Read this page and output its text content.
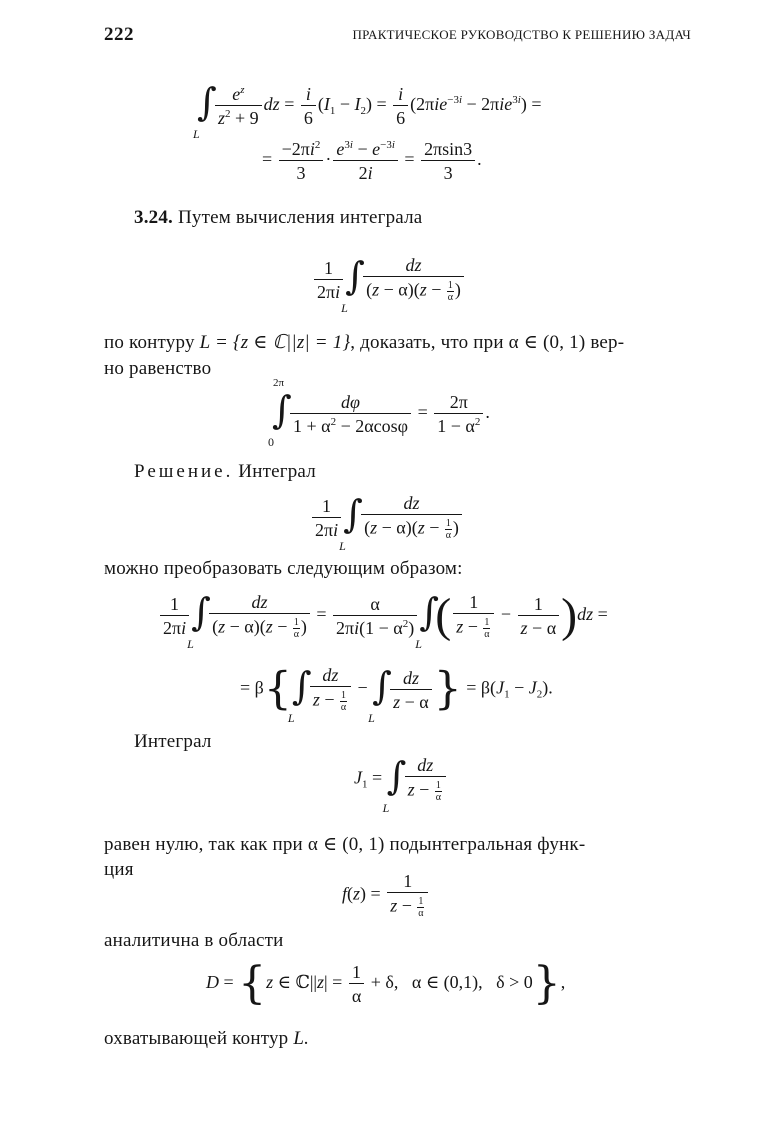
222	ПРАКТИЧЕСКОЕ РУКОВОДСТВО К РЕШЕНИЮ ЗАДАЧ
∫
L
$\frac{e^z}{z^2 + 9}$ dz = $\frac{i}{6} (I_1 - I_2) = \frac{i}{6} (2\pi ie^{-3i} - 2\pi ie^{3i})$ =
= $\frac{-2\pi i^2}{3} \cdot \frac{e^{3i} - e^{-3i}}{2i} = \frac{2\pi\sin 3}{3}$ .
3.24. Путем вычисления интеграла
$\frac{1}{2\pi i}$ ∫
L
$\frac{dz}{(z - \alpha)(z - \frac{1}{\alpha} )}$
по контуру L = {z ∈ ℂ||z| = 1}, доказать, что при α ∈ (0, 1) вер-
но равенство
2π
∫
0
$\frac{d\varphi}{1 + \alpha^2 - 2\alpha\cos\varphi} = \frac{2\pi}{1 - \alpha^2}$ .
Решение. Интеграл
$\frac{1}{2\pi i}$ ∫
L
$\frac{dz}{(z - \alpha)(z - \frac{1}{\alpha} )}$
можно преобразовать следующим образом:
$\frac{1}{2\pi i}$ ∫
L
$\frac{dz}{(z - \alpha)(z - \frac{1}{\alpha} )} = \frac{\alpha}{2\pi i(1 - \alpha^2)}$ ∫
L
( $\frac{1}{z - \frac{1}{\alpha}} - \frac{1}{z - \alpha} )dz$ =
= β{ ∫
L
$\frac{dz}{z - \frac{1}{\alpha}}$ − ∫
L
$\frac{dz}{z - \alpha}$ } = $\beta(J_1 - J_2)$.
Интеграл
$J_1$ = ∫
L
$\frac{dz}{z - \frac{1}{\alpha}}$
равен нулю, так как при α ∈ (0, 1) подынтегральная функ-
ция
$f(z) = \frac{1}{z - \frac{1}{\alpha}}$
аналитична в области
D = {z ∈ ℂ||z| = $\frac{1}{\alpha} + \delta$,   α ∈ (0,1),   δ > 0},
охватывающей контур L.
